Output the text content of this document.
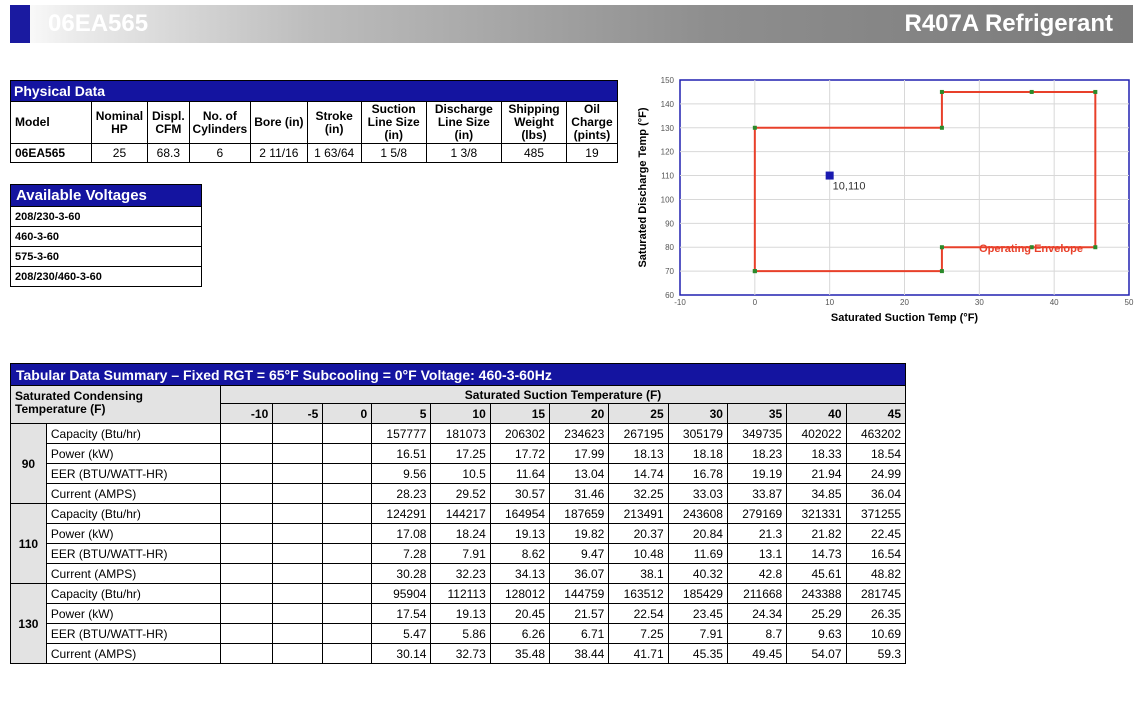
06EA565	R407A Refrigerant
Physical Data									
Model	Nominal HP	Displ. CFM	No. of Cylinders	Bore (in)	Stroke (in)	Suction Line Size (in)	Discharge Line Size (in)	Shipping Weight (lbs)	Oil Charge (pints)
06EA565	25	68.3	6	2 11/16	1 63/64	1 5/8	1 3/8	485	19
Available Voltages
208/230-3-60
460-3-60
575-3-60
208/230/460-3-60
-10	0	10	20	30	40	50
60
70
80
90
100
110
120
130
140
150
10,110
Operating Envelope
Saturated Suction Temp (°F)
Saturated Discharge Temp (°F)
Tabular Data Summary – Fixed RGT = 65°F Subcooling = 0°F Voltage: 460-3-60Hz													
Saturated Condensing Temperature (F)		Saturated Suction Temperature (F)											
		-10	-5	0	5	10	15	20	25	30	35	40	45
90	Capacity (Btu/hr)				157777	181073	206302	234623	267195	305179	349735	402022	463202
	Power (kW)				16.51	17.25	17.72	17.99	18.13	18.18	18.23	18.33	18.54
	EER (BTU/WATT-HR)				9.56	10.5	11.64	13.04	14.74	16.78	19.19	21.94	24.99
	Current (AMPS)				28.23	29.52	30.57	31.46	32.25	33.03	33.87	34.85	36.04
110	Capacity (Btu/hr)				124291	144217	164954	187659	213491	243608	279169	321331	371255
	Power (kW)				17.08	18.24	19.13	19.82	20.37	20.84	21.3	21.82	22.45
	EER (BTU/WATT-HR)				7.28	7.91	8.62	9.47	10.48	11.69	13.1	14.73	16.54
	Current (AMPS)				30.28	32.23	34.13	36.07	38.1	40.32	42.8	45.61	48.82
130	Capacity (Btu/hr)				95904	112113	128012	144759	163512	185429	211668	243388	281745
	Power (kW)				17.54	19.13	20.45	21.57	22.54	23.45	24.34	25.29	26.35
	EER (BTU/WATT-HR)				5.47	5.86	6.26	6.71	7.25	7.91	8.7	9.63	10.69
	Current (AMPS)				30.14	32.73	35.48	38.44	41.71	45.35	49.45	54.07	59.3
